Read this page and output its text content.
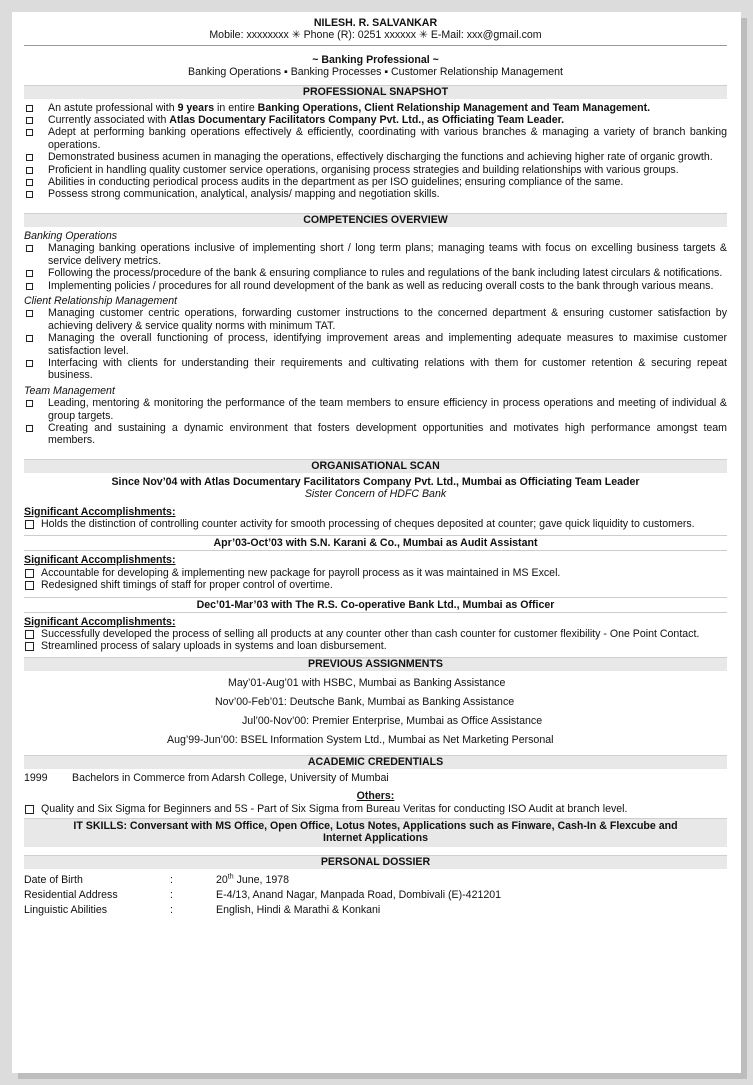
NILESH. R. SALVANKAR
Mobile: xxxxxxxx ✳ Phone (R): 0251 xxxxxx ✳ E-Mail: xxx@gmail.com
~ Banking Professional ~
Banking Operations ▪ Banking Processes ▪ Customer Relationship Management
PROFESSIONAL SNAPSHOT
An astute professional with 9 years in entire Banking Operations, Client Relationship Management and Team Management.
Currently associated with Atlas Documentary Facilitators Company Pvt. Ltd., as Officiating Team Leader.
Adept at performing banking operations effectively & efficiently, coordinating with various branches & managing a variety of branch banking operations.
Demonstrated business acumen in managing the operations, effectively discharging the functions and achieving higher rate of organic growth.
Proficient in handling quality customer service operations, organising process strategies and building relationships with various groups.
Abilities in conducting periodical process audits in the department as per ISO guidelines; ensuring compliance of the same.
Possess strong communication, analytical, analysis/ mapping and negotiation skills.
COMPETENCIES OVERVIEW
Banking Operations
Managing banking operations inclusive of implementing short / long term plans; managing teams with focus on excelling business targets & service delivery metrics.
Following the process/procedure of the bank & ensuring compliance to rules and regulations of the bank including latest circulars & notifications.
Implementing policies / procedures for all round development of the bank as well as reducing overall costs to the bank through various means.
Client Relationship Management
Managing customer centric operations, forwarding customer instructions to the concerned department & ensuring customer satisfaction by achieving delivery & service quality norms with minimum TAT.
Managing the overall functioning of process, identifying improvement areas and implementing adequate measures to maximise customer satisfaction level.
Interfacing with clients for understanding their requirements and cultivating relations with them for customer retention & securing repeat business.
Team Management
Leading, mentoring & monitoring the performance of the team members to ensure efficiency in process operations and meeting of individual & group targets.
Creating and sustaining a dynamic environment that fosters development opportunities and motivates high performance amongst team members.
ORGANISATIONAL SCAN
Since Nov’04 with Atlas Documentary Facilitators Company Pvt. Ltd., Mumbai as Officiating Team Leader
Sister Concern of HDFC Bank
Significant Accomplishments:
Holds the distinction of controlling counter activity for smooth processing of cheques deposited at counter; gave quick liquidity to customers.
Apr’03-Oct’03 with S.N. Karani & Co., Mumbai as Audit Assistant
Significant Accomplishments:
Accountable for developing & implementing new package for payroll process as it was maintained in MS Excel.
Redesigned shift timings of staff for proper control of overtime.
Dec’01-Mar’03 with The R.S. Co-operative Bank Ltd., Mumbai as Officer
Significant Accomplishments:
Successfully developed the process of selling all products at any counter other than cash counter for customer flexibility - One Point Contact.
Streamlined process of salary uploads in systems and loan disbursement.
PREVIOUS ASSIGNMENTS
May’01-Aug’01 with HSBC, Mumbai as Banking Assistance
Nov’00-Feb’01: Deutsche Bank, Mumbai as Banking Assistance
Jul’00-Nov’00: Premier Enterprise, Mumbai as Office Assistance
Aug’99-Jun’00: BSEL Information System Ltd., Mumbai as Net Marketing Personal
ACADEMIC CREDENTIALS
1999	Bachelors in Commerce from Adarsh College, University of Mumbai
Others:
Quality and Six Sigma for Beginners and 5S - Part of Six Sigma from Bureau Veritas for conducting ISO Audit at branch level.
IT SKILLS: Conversant with MS Office, Open Office, Lotus Notes, Applications such as Finware, Cash-In & Flexcube and
Internet Applications
PERSONAL DOSSIER
Date of Birth	:	20th June, 1978
Residential Address	:	E-4/13, Anand Nagar, Manpada Road, Dombivali (E)-421201
Linguistic Abilities	:	English, Hindi & Marathi & Konkani
